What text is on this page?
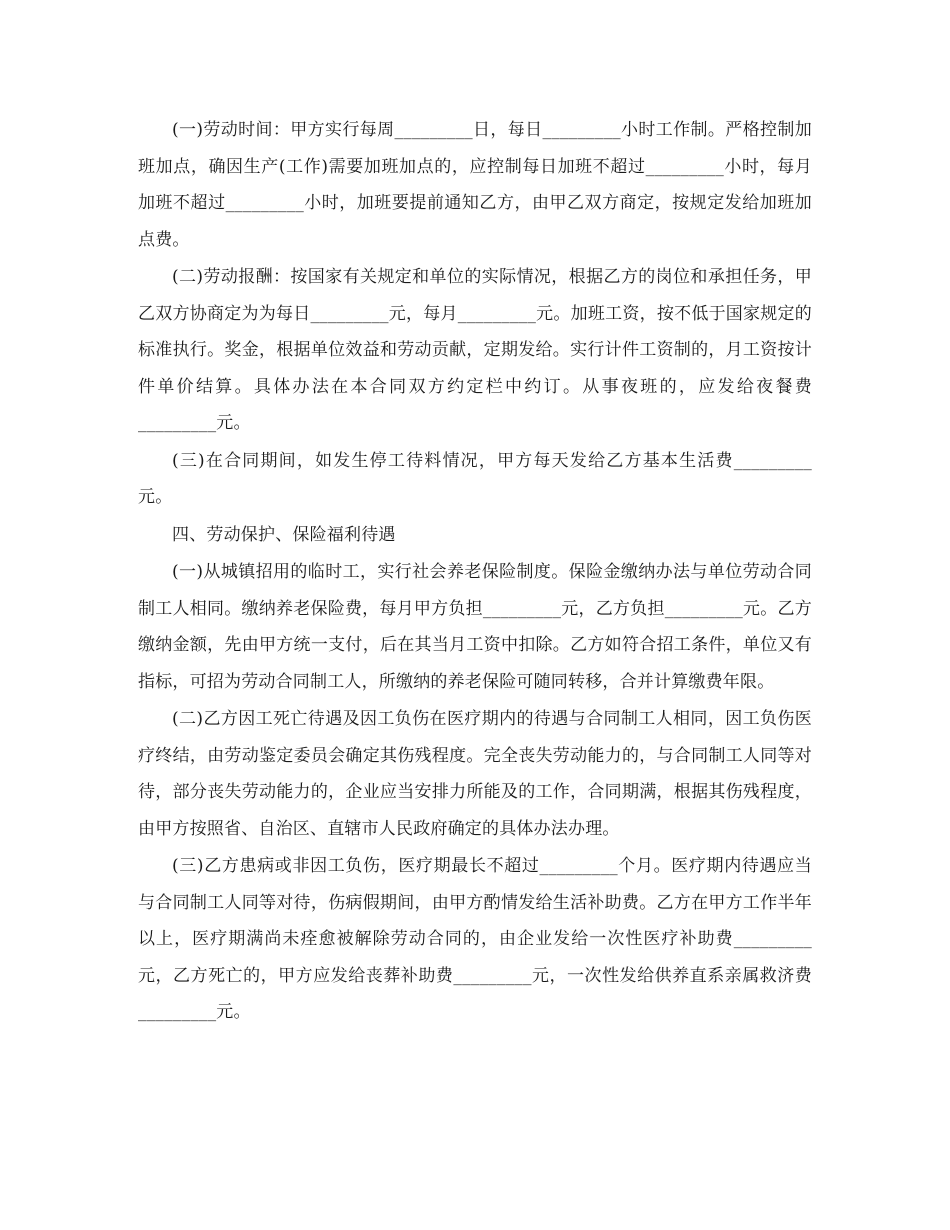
(一)劳动时间：甲方实行每周_________日，每日_________小时工作制。严格控制加班加点，确因生产(工作)需要加班加点的，应控制每日加班不超过_________小时，每月加班不超过_________小时，加班要提前通知乙方，由甲乙双方商定，按规定发给加班加点费。

(二)劳动报酬：按国家有关规定和单位的实际情况，根据乙方的岗位和承担任务，甲乙双方协商定为为每日_________元，每月_________元。加班工资，按不低于国家规定的标准执行。奖金，根据单位效益和劳动贡献，定期发给。实行计件工资制的，月工资按计件单价结算。具体办法在本合同双方约定栏中约订。从事夜班的，应发给夜餐费_________元。

(三)在合同期间，如发生停工待料情况，甲方每天发给乙方基本生活费_________元。

四、劳动保护、保险福利待遇

(一)从城镇招用的临时工，实行社会养老保险制度。保险金缴纳办法与单位劳动合同制工人相同。缴纳养老保险费，每月甲方负担_________元，乙方负担_________元。乙方缴纳金额，先由甲方统一支付，后在其当月工资中扣除。乙方如符合招工条件，单位又有指标，可招为劳动合同制工人，所缴纳的养老保险可随同转移，合并计算缴费年限。

(二)乙方因工死亡待遇及因工负伤在医疗期内的待遇与合同制工人相同，因工负伤医疗终结，由劳动鉴定委员会确定其伤残程度。完全丧失劳动能力的，与合同制工人同等对待，部分丧失劳动能力的，企业应当安排力所能及的工作，合同期满，根据其伤残程度，由甲方按照省、自治区、直辖市人民政府确定的具体办法办理。

(三)乙方患病或非因工负伤，医疗期最长不超过_________个月。医疗期内待遇应当与合同制工人同等对待，伤病假期间，由甲方酌情发给生活补助费。乙方在甲方工作半年以上，医疗期满尚未痊愈被解除劳动合同的，由企业发给一次性医疗补助费_________元，乙方死亡的，甲方应发给丧葬补助费_________元，一次性发给供养直系亲属救济费_________元。
